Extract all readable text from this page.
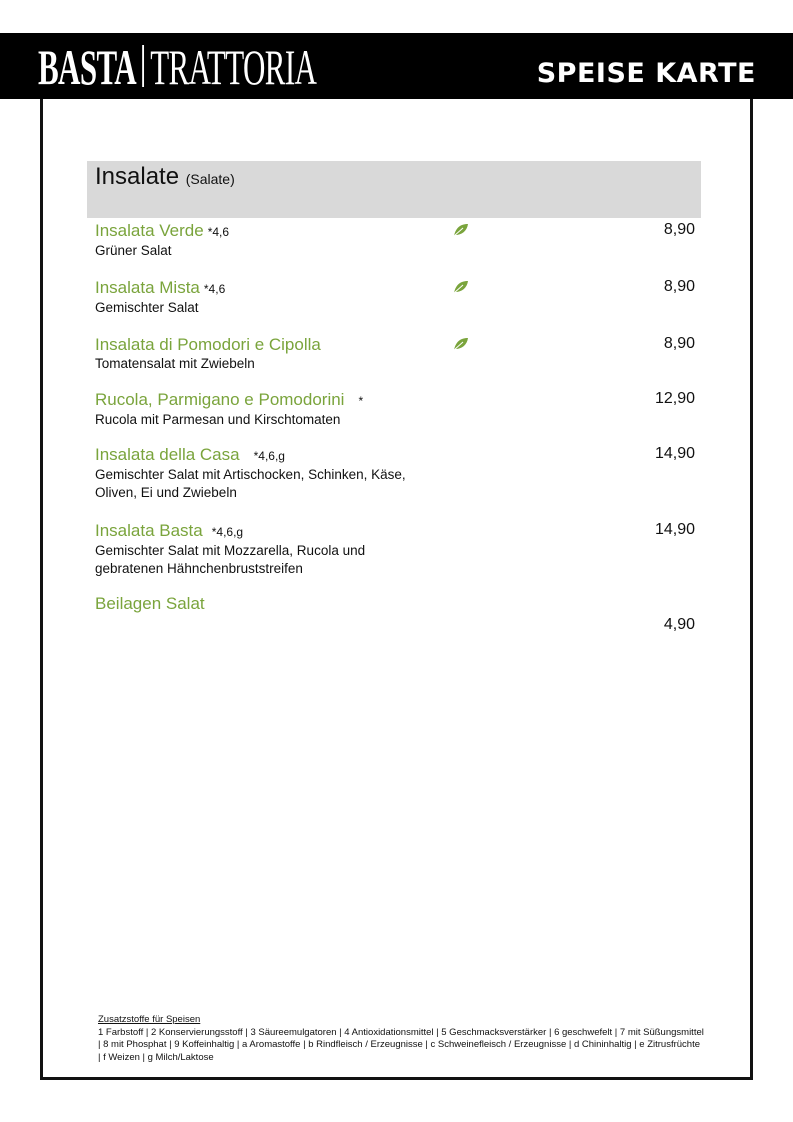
BASTA TRATTORIA	SPEISE KARTE
Insalate (Salate)
Insalata Verde *4,6
Grüner Salat
8,90
Insalata Mista *4,6
Gemischter Salat
8,90
Insalata di Pomodori e Cipolla
Tomatensalat mit Zwiebeln
8,90
Rucola, Parmigano e Pomodorini *
Rucola mit Parmesan und Kirschtomaten
12,90
Insalata della Casa *4,6,g
Gemischter Salat mit Artischocken, Schinken, Käse,
Oliven, Ei und Zwiebeln
14,90
Insalata Basta *4,6,g
Gemischter Salat mit Mozzarella, Rucola und
gebratenen Hähnchenbruststreifen
14,90
Beilagen Salat
4,90
Zusatzstoffe für Speisen
1 Farbstoff | 2 Konservierungsstoff | 3 Säureemulgatoren | 4 Antioxidationsmittel | 5 Geschmacksverstärker | 6 geschwefelt | 7 mit Süßungsmittel
| 8 mit Phosphat | 9 Koffeinhaltig | a Aromastoffe | b Rindfleisch / Erzeugnisse | c Schweinefleisch / Erzeugnisse | d Chininhaltig | e Zitrusfrüchte
| f Weizen | g Milch/Laktose
